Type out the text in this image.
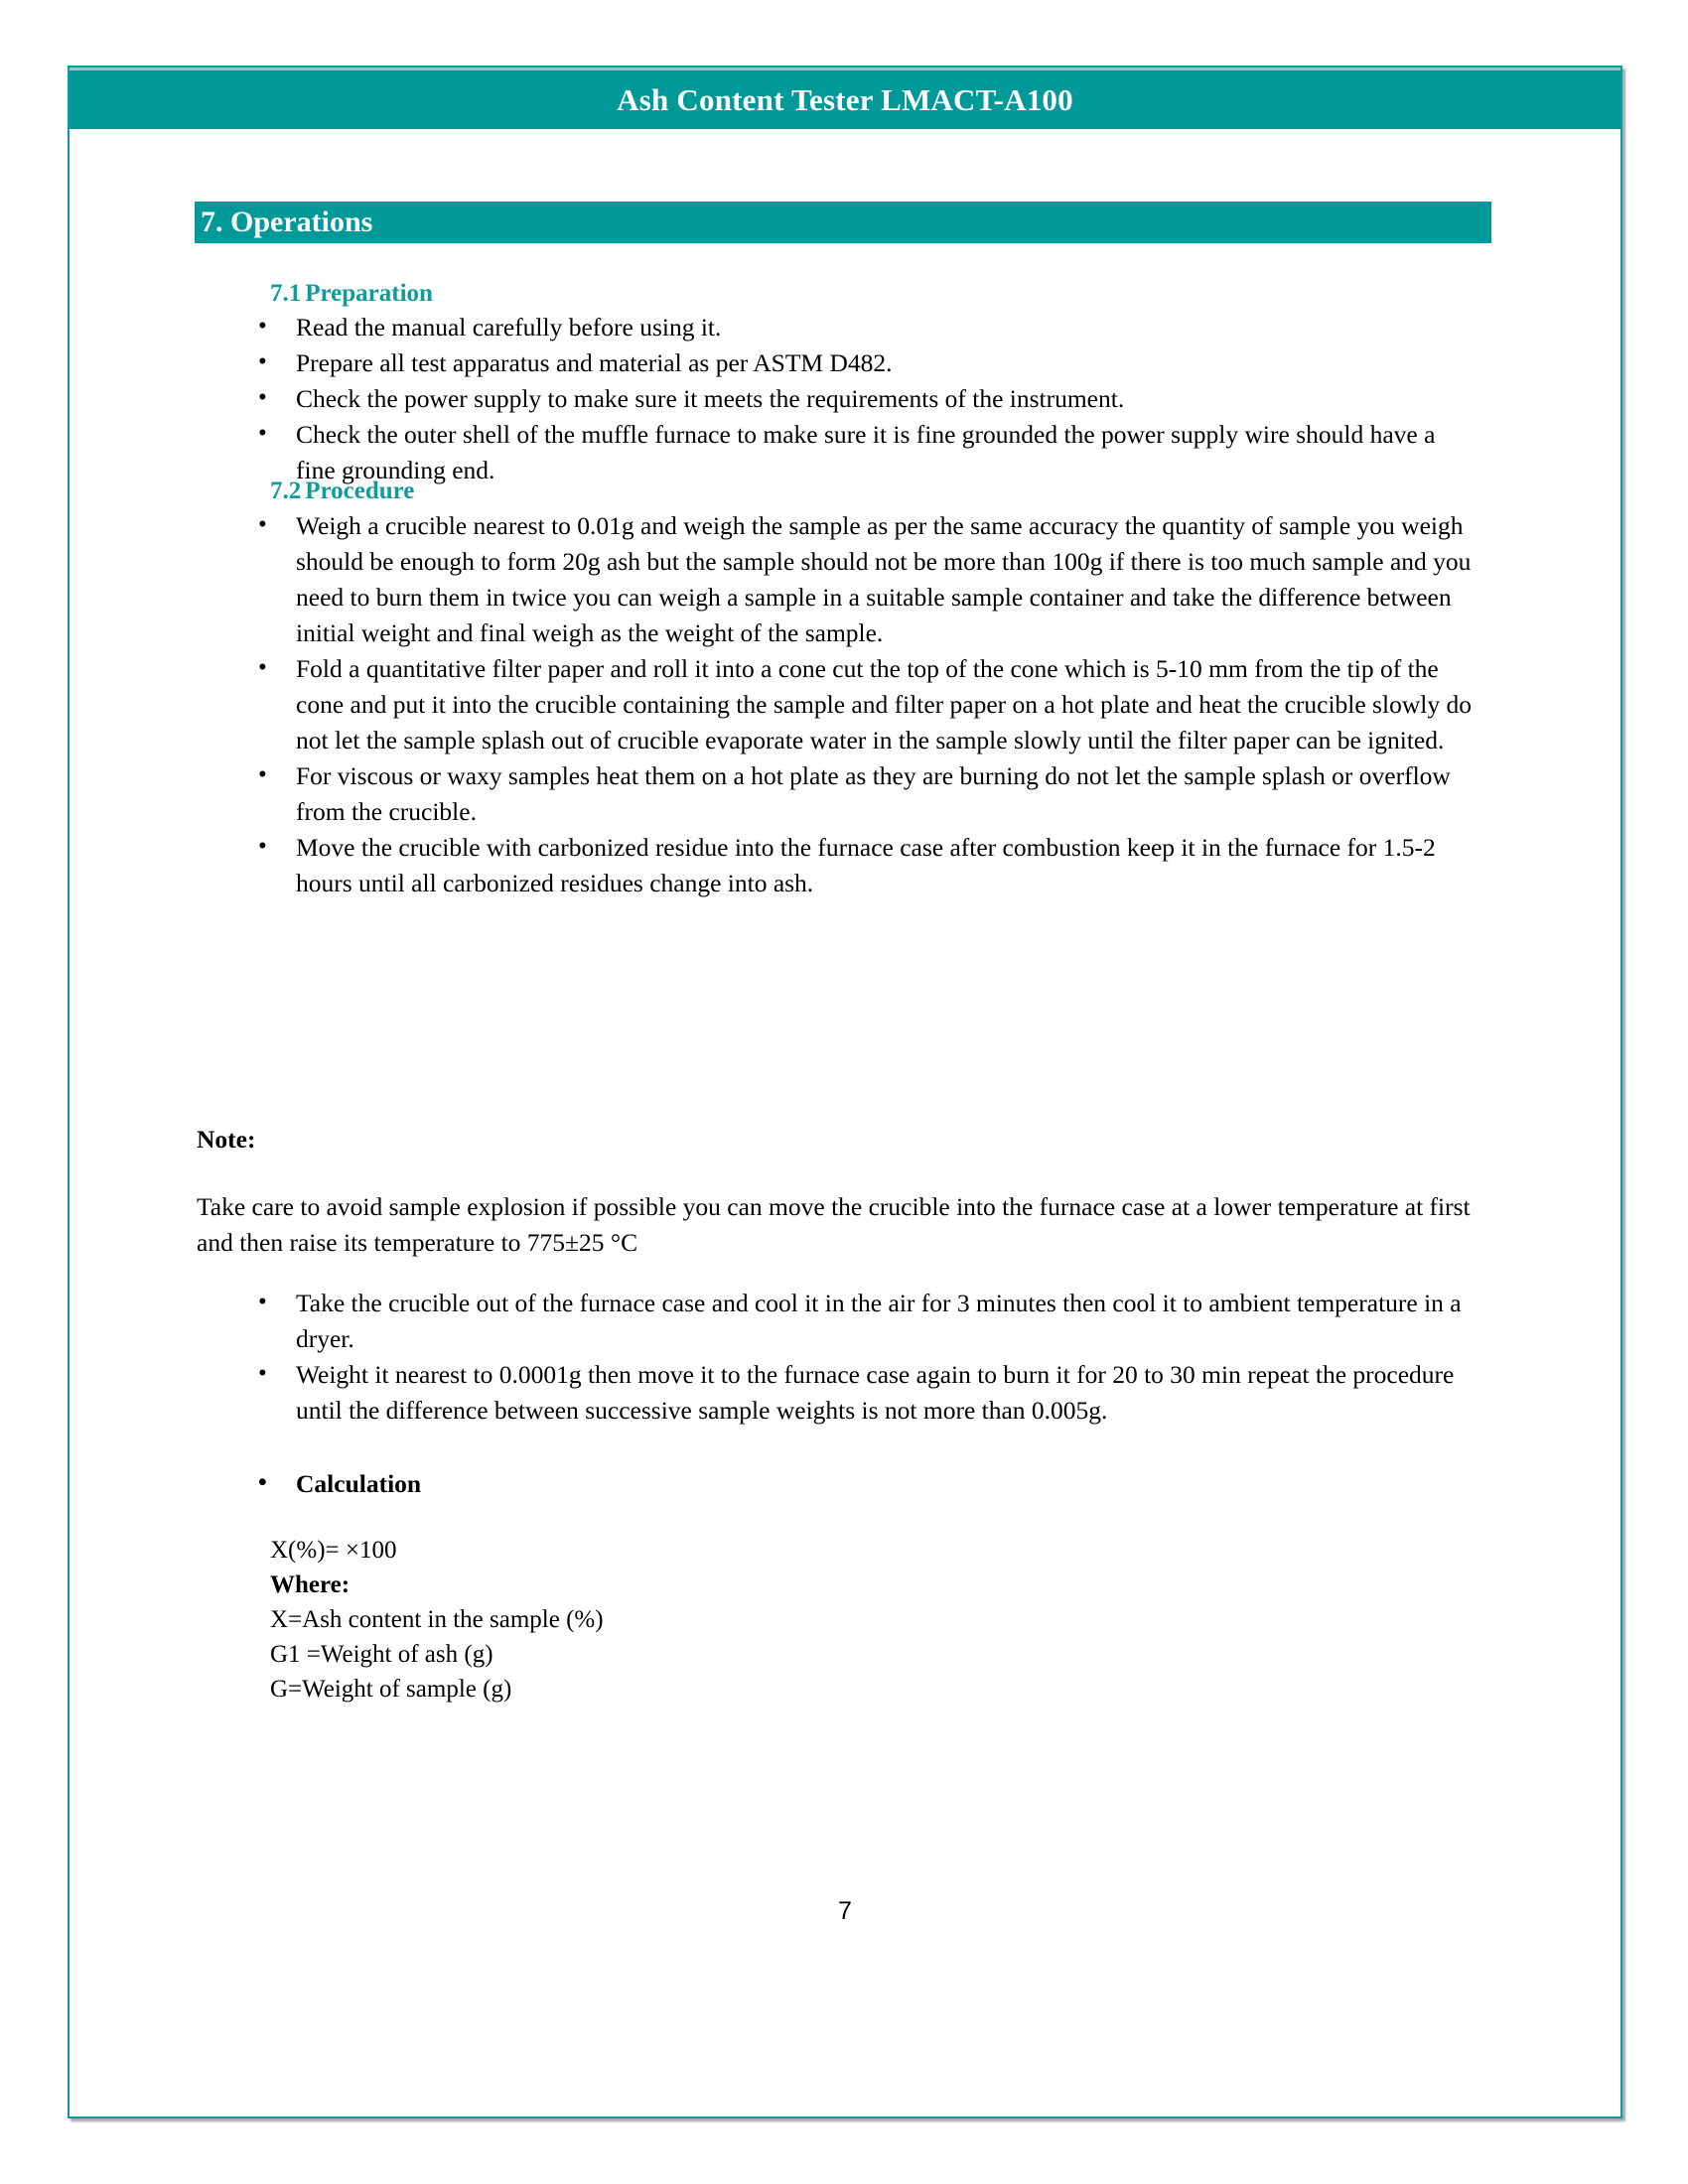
Ash Content Tester LMACT-A100
7. Operations
7.1 Preparation
• Read the manual carefully before using it.
• Prepare all test apparatus and material as per ASTM D482.
• Check the power supply to make sure it meets the requirements of the instrument.
• Check the outer shell of the muffle furnace to make sure it is fine grounded the power supply wire should have a fine grounding end.
7.2 Procedure
• Weigh a crucible nearest to 0.01g and weigh the sample as per the same accuracy the quantity of sample you weigh should be enough to form 20g ash but the sample should not be more than 100g if there is too much sample and you need to burn them in twice you can weigh a sample in a suitable sample container and take the difference between initial weight and final weigh as the weight of the sample.
• Fold a quantitative filter paper and roll it into a cone cut the top of the cone which is 5-10 mm from the tip of the cone and put it into the crucible containing the sample and filter paper on a hot plate and heat the crucible slowly do not let the sample splash out of crucible evaporate water in the sample slowly until the filter paper can be ignited.
• For viscous or waxy samples heat them on a hot plate as they are burning do not let the sample splash or overflow from the crucible.
• Move the crucible with carbonized residue into the furnace case after combustion keep it in the furnace for 1.5-2 hours until all carbonized residues change into ash.
Note:
Take care to avoid sample explosion if possible you can move the crucible into the furnace case at a lower temperature at first and then raise its temperature to 775±25 °C
• Take the crucible out of the furnace case and cool it in the air for 3 minutes then cool it to ambient temperature in a dryer.
• Weight it nearest to 0.0001g then move it to the furnace case again to burn it for 20 to 30 min repeat the procedure until the difference between successive sample weights is not more than 0.005g.
• Calculation
X(%)= ×100
Where:
X=Ash content in the sample (%)
G1 =Weight of ash (g)
G=Weight of sample (g)
7
